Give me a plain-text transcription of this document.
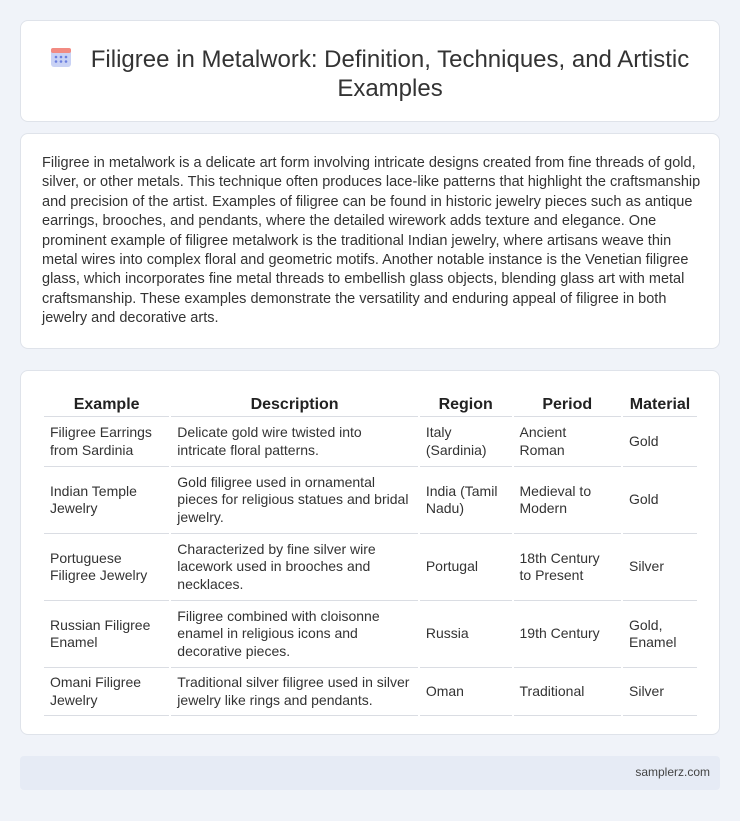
Filigree in Metalwork: Definition, Techniques, and Artistic Examples

Filigree in metalwork is a delicate art form involving intricate designs created from fine threads of gold, silver, or other metals. This technique often produces lace-like patterns that highlight the craftsmanship and precision of the artist. Examples of filigree can be found in historic jewelry pieces such as antique earrings, brooches, and pendants, where the detailed wirework adds texture and elegance. One prominent example of filigree metalwork is the traditional Indian jewelry, where artisans weave thin metal wires into complex floral and geometric motifs. Another notable instance is the Venetian filigree glass, which incorporates fine metal threads to embellish glass objects, blending glass art with metal craftsmanship. These examples demonstrate the versatility and enduring appeal of filigree in both jewelry and decorative arts.

Example	Description	Region	Period	Material
Filigree Earrings from Sardinia	Delicate gold wire twisted into intricate floral patterns.	Italy (Sardinia)	Ancient Roman	Gold
Indian Temple Jewelry	Gold filigree used in ornamental pieces for religious statues and bridal jewelry.	India (Tamil Nadu)	Medieval to Modern	Gold
Portuguese Filigree Jewelry	Characterized by fine silver wire lacework used in brooches and necklaces.	Portugal	18th Century to Present	Silver
Russian Filigree Enamel	Filigree combined with cloisonne enamel in religious icons and decorative pieces.	Russia	19th Century	Gold, Enamel
Omani Filigree Jewelry	Traditional silver filigree used in silver jewelry like rings and pendants.	Oman	Traditional	Silver
samplerz.com
